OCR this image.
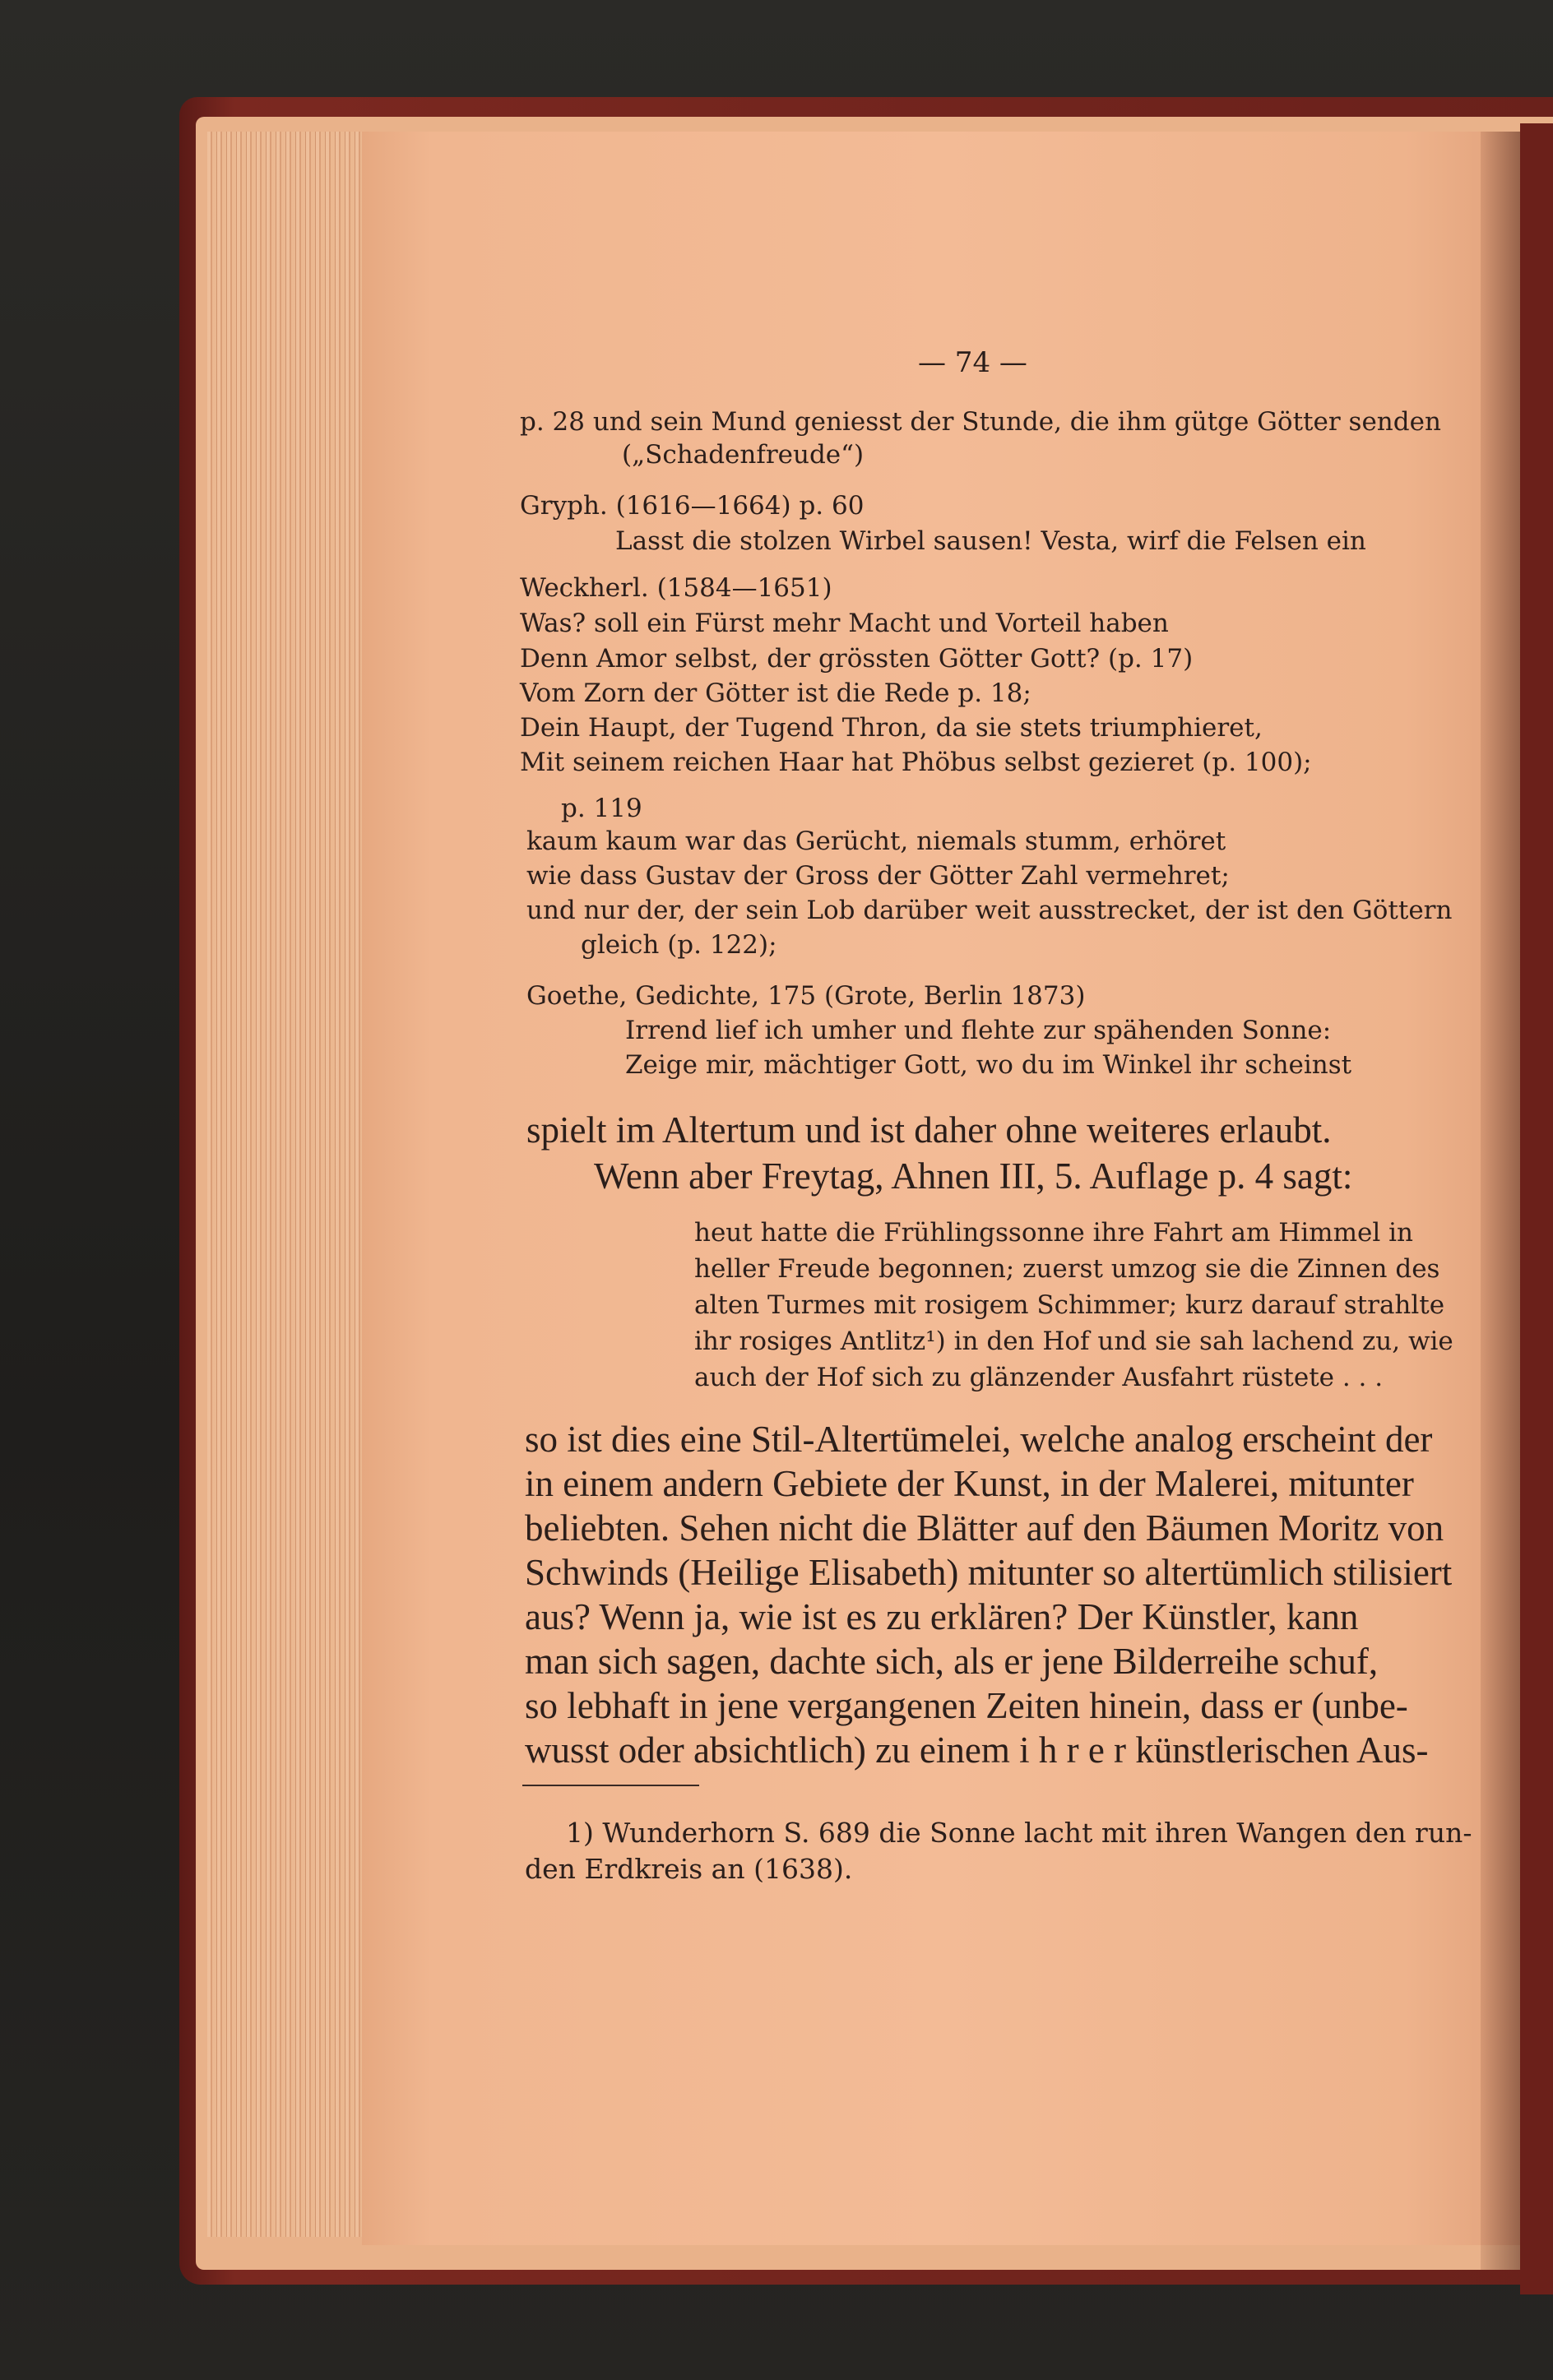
— 74 —
p. 28 und sein Mund geniesst der Stunde, die ihm gütge Götter senden
(„Schadenfreude“)
Gryph. (1616—1664) p. 60
Lasst die stolzen Wirbel sausen! Vesta, wirf die Felsen ein
Weckherl. (1584—1651)
Was? soll ein Fürst mehr Macht und Vorteil haben
Denn Amor selbst, der grössten Götter Gott? (p. 17)
Vom Zorn der Götter ist die Rede p. 18;
Dein Haupt, der Tugend Thron, da sie stets triumphieret,
Mit seinem reichen Haar hat Phöbus selbst gezieret (p. 100);
p. 119
kaum kaum war das Gerücht, niemals stumm, erhöret
wie dass Gustav der Gross der Götter Zahl vermehret;
und nur der, der sein Lob darüber weit ausstrecket, der ist den Göttern
gleich (p. 122);
Goethe, Gedichte, 175 (Grote, Berlin 1873)
Irrend lief ich umher und flehte zur spähenden Sonne:
Zeige mir, mächtiger Gott, wo du im Winkel ihr scheinst
spielt im Altertum und ist daher ohne weiteres erlaubt.
Wenn aber Freytag, Ahnen III, 5. Auflage p. 4 sagt:
heut hatte die Frühlingssonne ihre Fahrt am Himmel in
heller Freude begonnen; zuerst umzog sie die Zinnen des
alten Turmes mit rosigem Schimmer; kurz darauf strahlte
ihr rosiges Antlitz¹) in den Hof und sie sah lachend zu, wie
auch der Hof sich zu glänzender Ausfahrt rüstete . . .
so ist dies eine Stil-Altertümelei, welche analog erscheint der
in einem andern Gebiete der Kunst, in der Malerei, mitunter
beliebten. Sehen nicht die Blätter auf den Bäumen Moritz von
Schwinds (Heilige Elisabeth) mitunter so altertümlich stilisiert
aus? Wenn ja, wie ist es zu erklären? Der Künstler, kann
man sich sagen, dachte sich, als er jene Bilderreihe schuf,
so lebhaft in jene vergangenen Zeiten hinein, dass er (unbe-
wusst oder absichtlich) zu einem i h r e r künstlerischen Aus-
1) Wunderhorn S. 689 die Sonne lacht mit ihren Wangen den run-
den Erdkreis an (1638).
